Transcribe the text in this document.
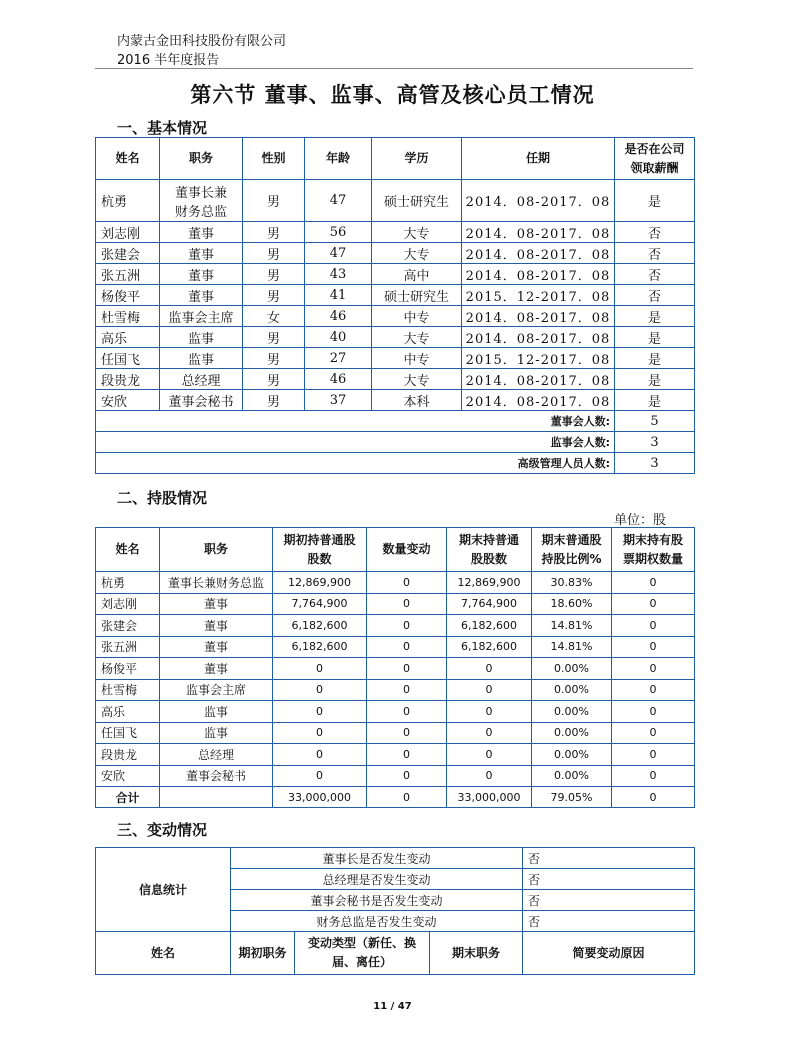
内蒙古金田科技股份有限公司
2016 半年度报告
第六节 董事、监事、高管及核心员工情况
一、基本情况
姓名	职务	性别	年龄	学历	任期	是否在公司领取薪酬
杭勇	董事长兼财务总监	男	47	硕士研究生	2014．08-2017．08	是
刘志刚	董事	男	56	大专	2014．08-2017．08	否
张建会	董事	男	47	大专	2014．08-2017．08	否
张五洲	董事	男	43	高中	2014．08-2017．08	否
杨俊平	董事	男	41	硕士研究生	2015．12-2017．08	否
杜雪梅	监事会主席	女	46	中专	2014．08-2017．08	是
高乐	监事	男	40	大专	2014．08-2017．08	是
任国飞	监事	男	27	中专	2015．12-2017．08	是
段贵龙	总经理	男	46	大专	2014．08-2017．08	是
安欣	董事会秘书	男	37	本科	2014．08-2017．08	是
董事会人数:						5
监事会人数:						3
高级管理人员人数:						3
二、持股情况
单位：股
姓名	职务	期初持普通股股数	数量变动	期末持普通股股数	期末普通股持股比例%	期末持有股票期权数量
杭勇	董事长兼财务总监	12,869,900	0	12,869,900	30.83%	0
刘志刚	董事	7,764,900	0	7,764,900	18.60%	0
张建会	董事	6,182,600	0	6,182,600	14.81%	0
张五洲	董事	6,182,600	0	6,182,600	14.81%	0
杨俊平	董事	0	0	0	0.00%	0
杜雪梅	监事会主席	0	0	0	0.00%	0
高乐	监事	0	0	0	0.00%	0
任国飞	监事	0	0	0	0.00%	0
段贵龙	总经理	0	0	0	0.00%	0
安欣	董事会秘书	0	0	0	0.00%	0
合计		33,000,000	0	33,000,000	79.05%	0
三、变动情况
信息统计	董事长是否发生变动			否
	总经理是否发生变动			否
	董事会秘书是否发生变动			否
	财务总监是否发生变动			否
姓名	期初职务	变动类型（新任、换届、离任）	期末职务	简要变动原因
11 / 47
